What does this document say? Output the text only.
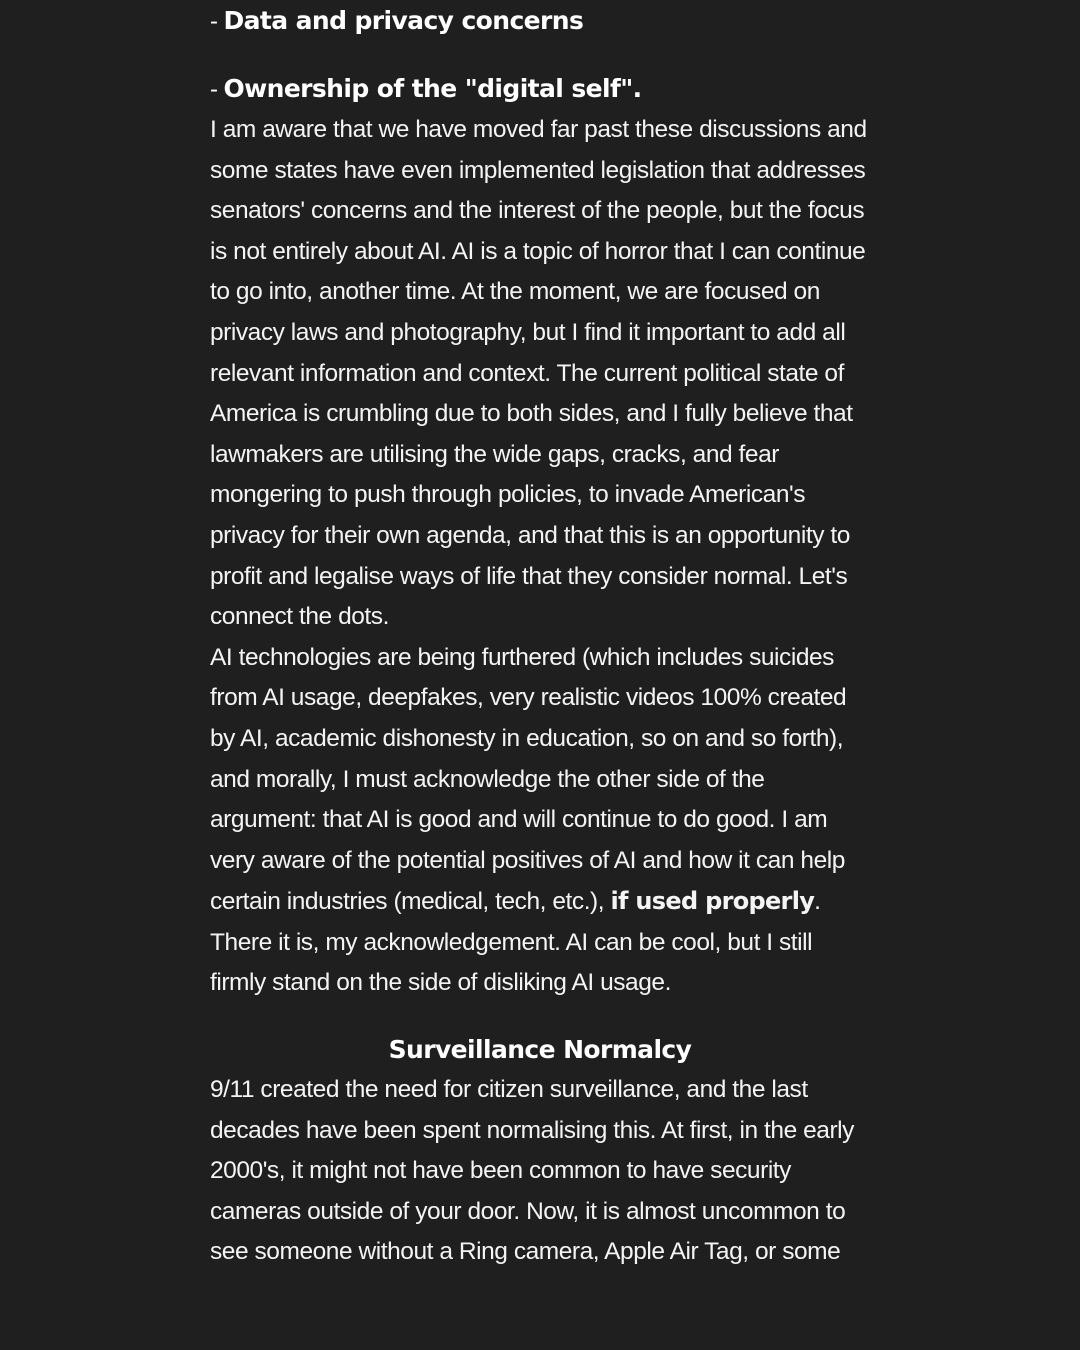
- Data and privacy concerns

- Ownership of the "digital self".

I am aware that we have moved far past these discussions and some states have even implemented legislation that addresses senators' concerns and the interest of the people, but the focus is not entirely about AI. AI is a topic of horror that I can continue to go into, another time. At the moment, we are focused on privacy laws and photography, but I find it important to add all relevant information and context. The current political state of America is crumbling due to both sides, and I fully believe that lawmakers are utilising the wide gaps, cracks, and fear mongering to push through policies, to invade American's privacy for their own agenda, and that this is an opportunity to profit and legalise ways of life that they consider normal. Let's connect the dots.

AI technologies are being furthered (which includes suicides from AI usage, deepfakes, very realistic videos 100% created by AI, academic dishonesty in education, so on and so forth), and morally, I must acknowledge the other side of the argument: that AI is good and will continue to do good. I am very aware of the potential positives of AI and how it can help certain industries (medical, tech, etc.), if used properly. There it is, my acknowledgement. AI can be cool, but I still firmly stand on the side of disliking AI usage.

Surveillance Normalcy

9/11 created the need for citizen surveillance, and the last decades have been spent normalising this. At first, in the early 2000's, it might not have been common to have security cameras outside of your door. Now, it is almost uncommon to see someone without a Ring camera, Apple Air Tag, or some
